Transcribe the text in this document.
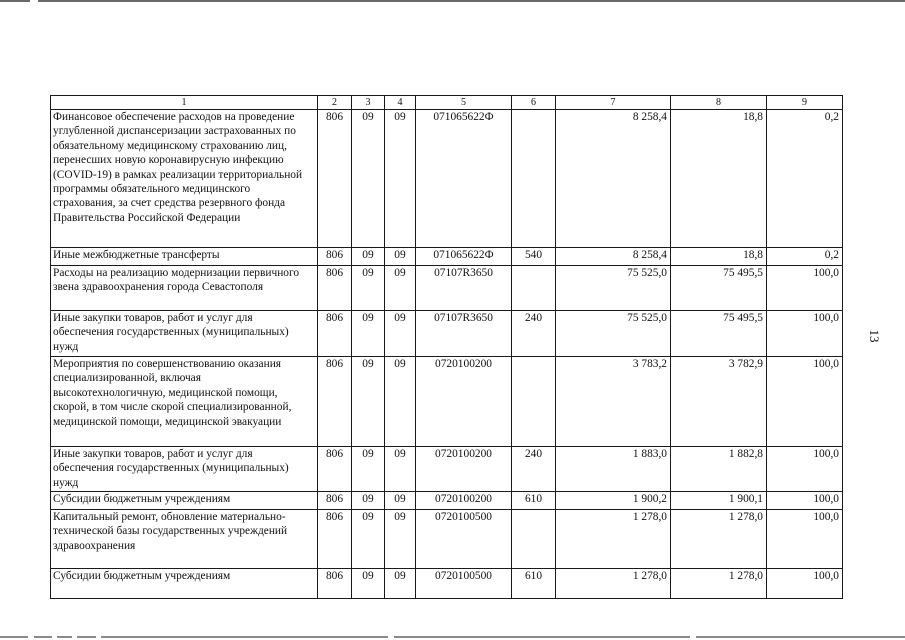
13
1	2	3	4	5	6	7	8	9
Финансовое обеспечение расходов на проведение углубленной диспансеризации застрахованных по обязательному медицинскому страхованию лиц, перенесших новую коронавирусную инфекцию (COVID-19) в рамках реализации территориальной программы обязательного медицинского страхования, за счет средства резервного фонда Правительства Российской Федерации	806	09	09	071065622Ф		8 258,4	18,8	0,2
Иные межбюджетные трансферты	806	09	09	071065622Ф	540	8 258,4	18,8	0,2
Расходы на реализацию модернизации первичного звена здравоохранения города Севастополя	806	09	09	07107R3650		75 525,0	75 495,5	100,0
Иные закупки товаров, работ и услуг для обеспечения государственных (муниципальных) нужд	806	09	09	07107R3650	240	75 525,0	75 495,5	100,0
Мероприятия по совершенствованию оказания специализированной, включая высокотехнологичную, медицинской помощи, скорой, в том числе скорой специализированной, медицинской помощи, медицинской эвакуации	806	09	09	0720100200		3 783,2	3 782,9	100,0
Иные закупки товаров, работ и услуг для обеспечения государственных (муниципальных) нужд	806	09	09	0720100200	240	1 883,0	1 882,8	100,0
Субсидии бюджетным учреждениям	806	09	09	0720100200	610	1 900,2	1 900,1	100,0
Капитальный ремонт, обновление материально-технической базы государственных учреждений здравоохранения	806	09	09	0720100500		1 278,0	1 278,0	100,0
Субсидии бюджетным учреждениям	806	09	09	0720100500	610	1 278,0	1 278,0	100,0
